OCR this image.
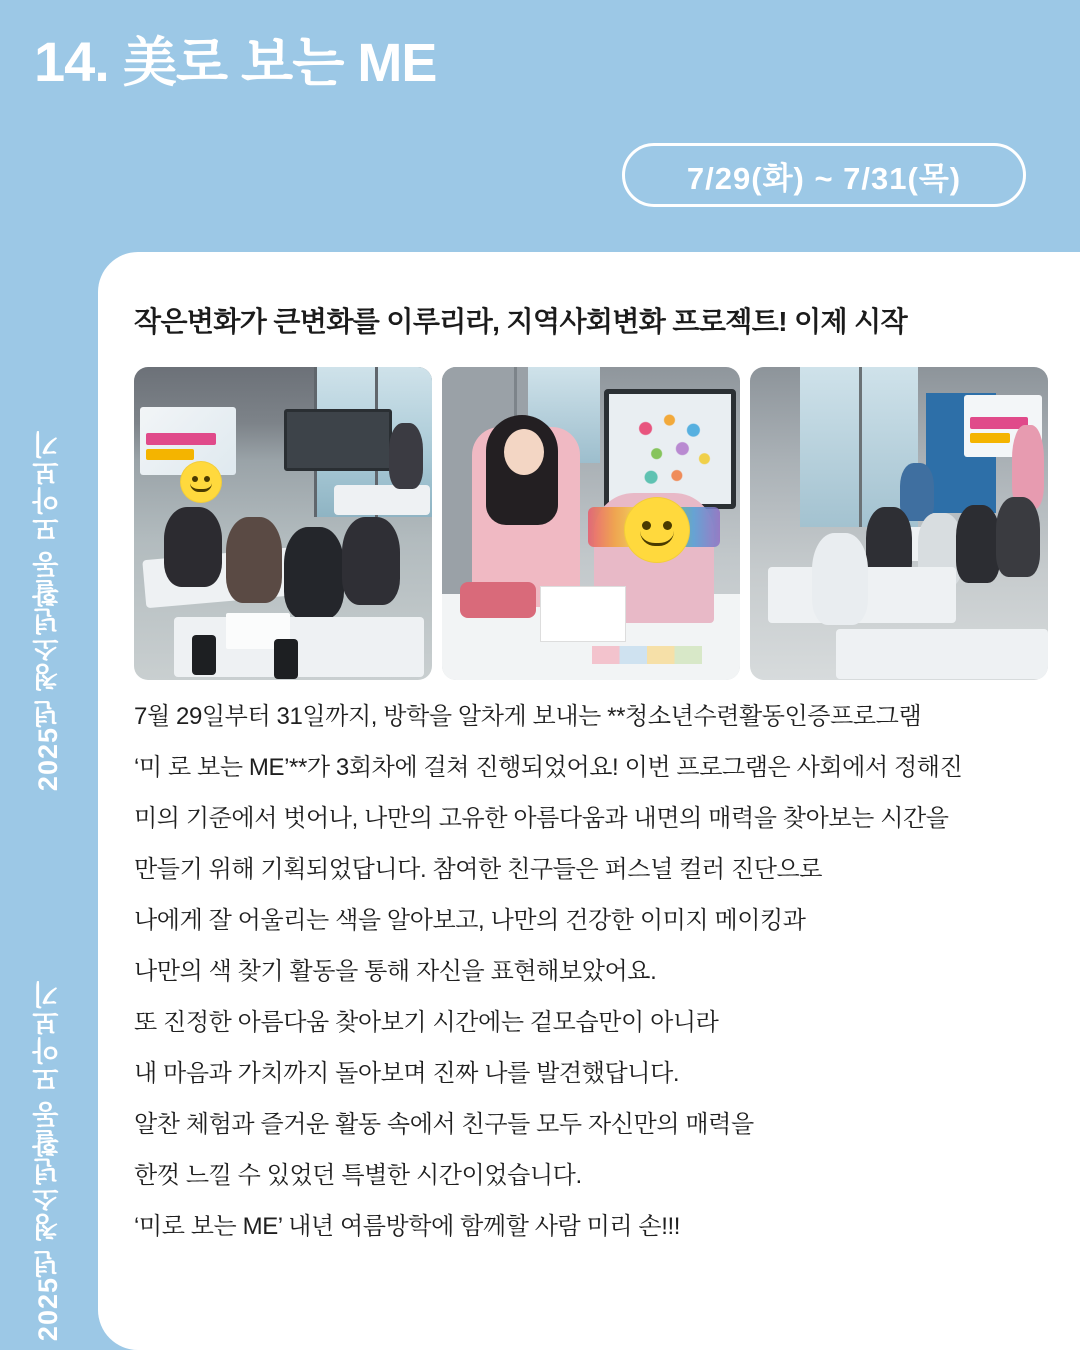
14. 美로 보는 ME
7/29(화) ~ 7/31(목)
2025년 청소년활동 모아보기
2025년 청소년활동 모아보기
작은변화가 큰변화를 이루리라, 지역사회변화 프로젝트! 이제 시작

7월 29일부터 31일까지, 방학을 알차게 보내는 **청소년수련활동인증프로그램

‘미 로 보는 ME’**가 3회차에 걸쳐 진행되었어요! 이번 프로그램은 사회에서 정해진

미의 기준에서 벗어나, 나만의 고유한 아름다움과 내면의 매력을 찾아보는 시간을

만들기 위해 기획되었답니다. 참여한 친구들은 퍼스널 컬러 진단으로

나에게 잘 어울리는 색을 알아보고, 나만의 건강한 이미지 메이킹과

나만의 색 찾기 활동을 통해 자신을 표현해보았어요.

또 진정한 아름다움 찾아보기 시간에는 겉모습만이 아니라

내 마음과 가치까지 돌아보며 진짜 나를 발견했답니다.

알찬 체험과 즐거운 활동 속에서 친구들 모두 자신만의 매력을

한껏 느낄 수 있었던 특별한 시간이었습니다.

‘미로 보는 ME’ 내년 여름방학에 함께할 사람 미리 손!!!
